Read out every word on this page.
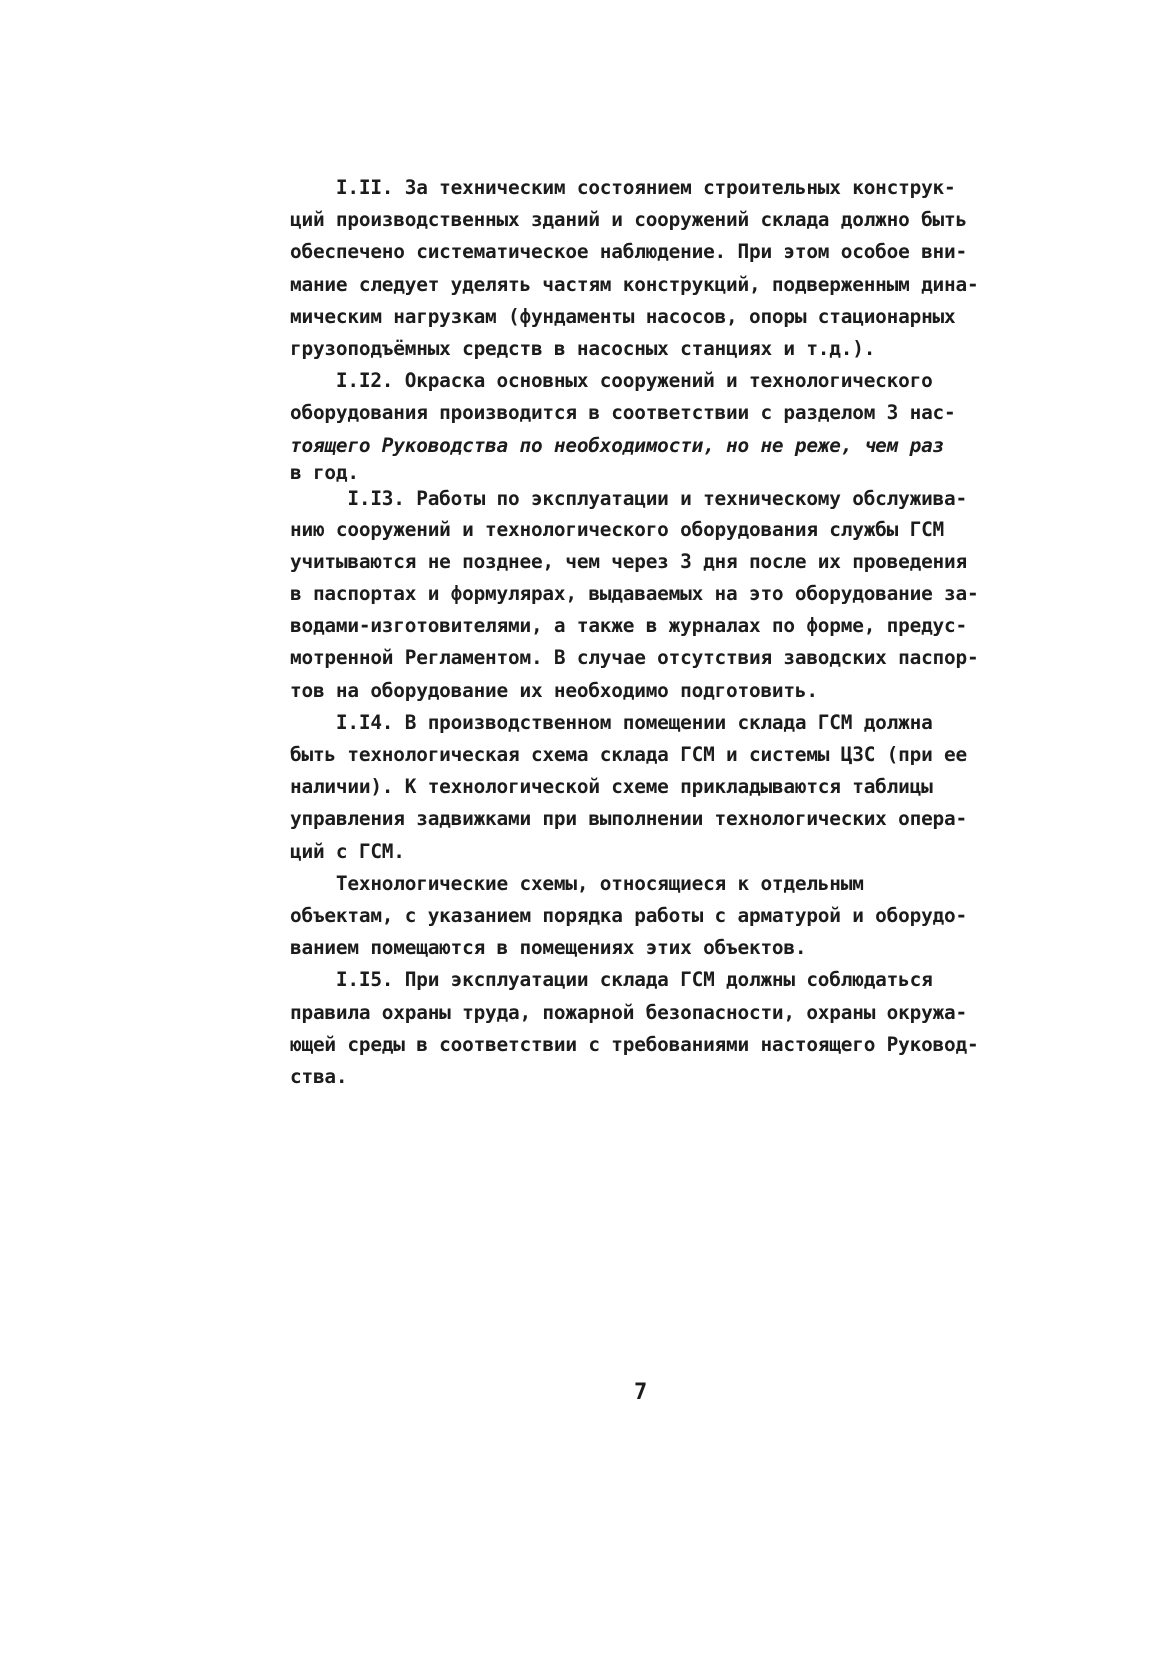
I.II. За техническим состоянием строительных конструк-
ций производственных зданий и сооружений склада должно быть
обеспечено систематическое наблюдение. При этом особое вни-
мание следует уделять частям конструкций, подверженным дина-
мическим нагрузкам (фундаменты насосов, опоры стационарных
грузоподъёмных средств в насосных станциях и т.д.).
I.I2. Окраска основных сооружений и технологического
оборудования производится в соответствии с разделом 3 нас-
тоящего Руководства по необходимости, но не реже, чем раз
в год.
I.I3. Работы по эксплуатации и техническому обслужива-
нию сооружений и технологического оборудования службы ГСМ
учитываются не позднее, чем через 3 дня после их проведения
в паспортах и формулярах, выдаваемых на это оборудование за-
водами-изготовителями, а также в журналах по форме, предус-
мотренной Регламентом. В случае отсутствия заводских паспор-
тов на оборудование их необходимо подготовить.
I.I4. В производственном помещении склада ГСМ должна
быть технологическая схема склада ГСМ и системы ЦЗС (при ее
наличии). К технологической схеме прикладываются таблицы
управления задвижками при выполнении технологических опера-
ций с ГСМ.
Технологические схемы, относящиеся к отдельным
объектам, с указанием порядка работы с арматурой и оборудо-
ванием помещаются в помещениях этих объектов.
I.I5. При эксплуатации склада ГСМ должны соблюдаться
правила охраны труда, пожарной безопасности, охраны окружа-
ющей среды в соответствии с требованиями настоящего Руковод-
ства.
7
